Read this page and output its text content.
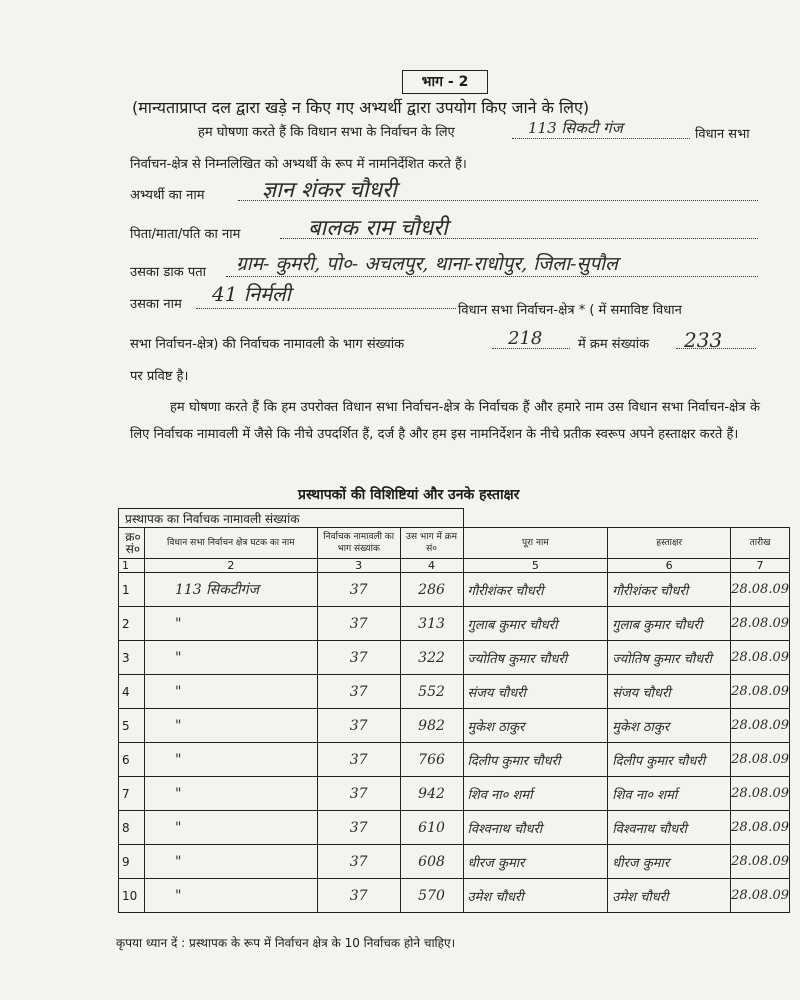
भाग - 2
(मान्यताप्राप्त दल द्वारा खड़े न किए गए अभ्यर्थी द्वारा उपयोग किए जाने के लिए)
हम घोषणा करते हैं कि विधान सभा के निर्वाचन के लिए	113 सिकटी गंज	विधान सभा
निर्वाचन-क्षेत्र से निम्नलिखित को अभ्यर्थी के रूप में नामनिर्देशित करते हैं।
अभ्यर्थी का नाम	ज्ञान शंकर चौधरी
पिता/माता/पति का नाम	बालक राम चौधरी
उसका डाक पता ग्राम- कुमरी, पो०- अचलपुर, थाना-राधोपुर, जिला-सुपौल
उसका नाम 41 निर्मली
विधान सभा निर्वाचन-क्षेत्र * ( में समाविष्ट विधान
सभा निर्वाचन-क्षेत्र) की निर्वाचक नामावली के भाग संख्यांक	218	में क्रम संख्यांक 233
पर प्रविष्ट है।
हम घोषणा करते हैं कि हम उपरोक्त विधान सभा निर्वाचन-क्षेत्र के निर्वाचक हैं और हमारे नाम उस विधान सभा निर्वाचन-क्षेत्र के लिए निर्वाचक नामावली में जैसे कि नीचे उपदर्शित हैं, दर्ज है और हम इस नामनिर्देशन के नीचे प्रतीक स्वरूप अपने हस्ताक्षर करते हैं।
प्रस्थापकों की विशिष्टियां और उनके हस्ताक्षर
प्रस्थापक का निर्वाचक नामावली संख्यांक						
क्र० सं०	विधान सभा निर्वाचन क्षेत्र घटक का नाम	निर्वाचक नामावली का भाग संख्यांक	उस भाग में क्रम सं०	पूरा नाम	हस्ताक्षर	तारीख
1	2	3	4	5	6	7
1	113 सिकटीगंज	37	286	गौरीशंकर चौधरी	गौरीशंकर चौधरी	28.08.09
2	"	37	313	गुलाब कुमार चौधरी	गुलाब कुमार चौधरी	28.08.09
3	"	37	322	ज्योतिष कुमार चौधरी	ज्योतिष कुमार चौधरी	28.08.09
4	"	37	552	संजय चौधरी	संजय चौधरी	28.08.09
5	"	37	982	मुकेश ठाकुर	मुकेश ठाकुर	28.08.09
6	"	37	766	दिलीप कुमार चौधरी	दिलीप कुमार चौधरी	28.08.09
7	"	37	942	शिव ना० शर्मा	शिव ना० शर्मा	28.08.09
8	"	37	610	विश्वनाथ चौधरी	विश्वनाथ चौधरी	28.08.09
9	"	37	608	धीरज कुमार	धीरज कुमार	28.08.09
10	"	37	570	उमेश चौधरी	उमेश चौधरी	28.08.09
कृपया ध्यान दें : प्रस्थापक के रूप में निर्वाचन क्षेत्र के 10 निर्वाचक होने चाहिए।
